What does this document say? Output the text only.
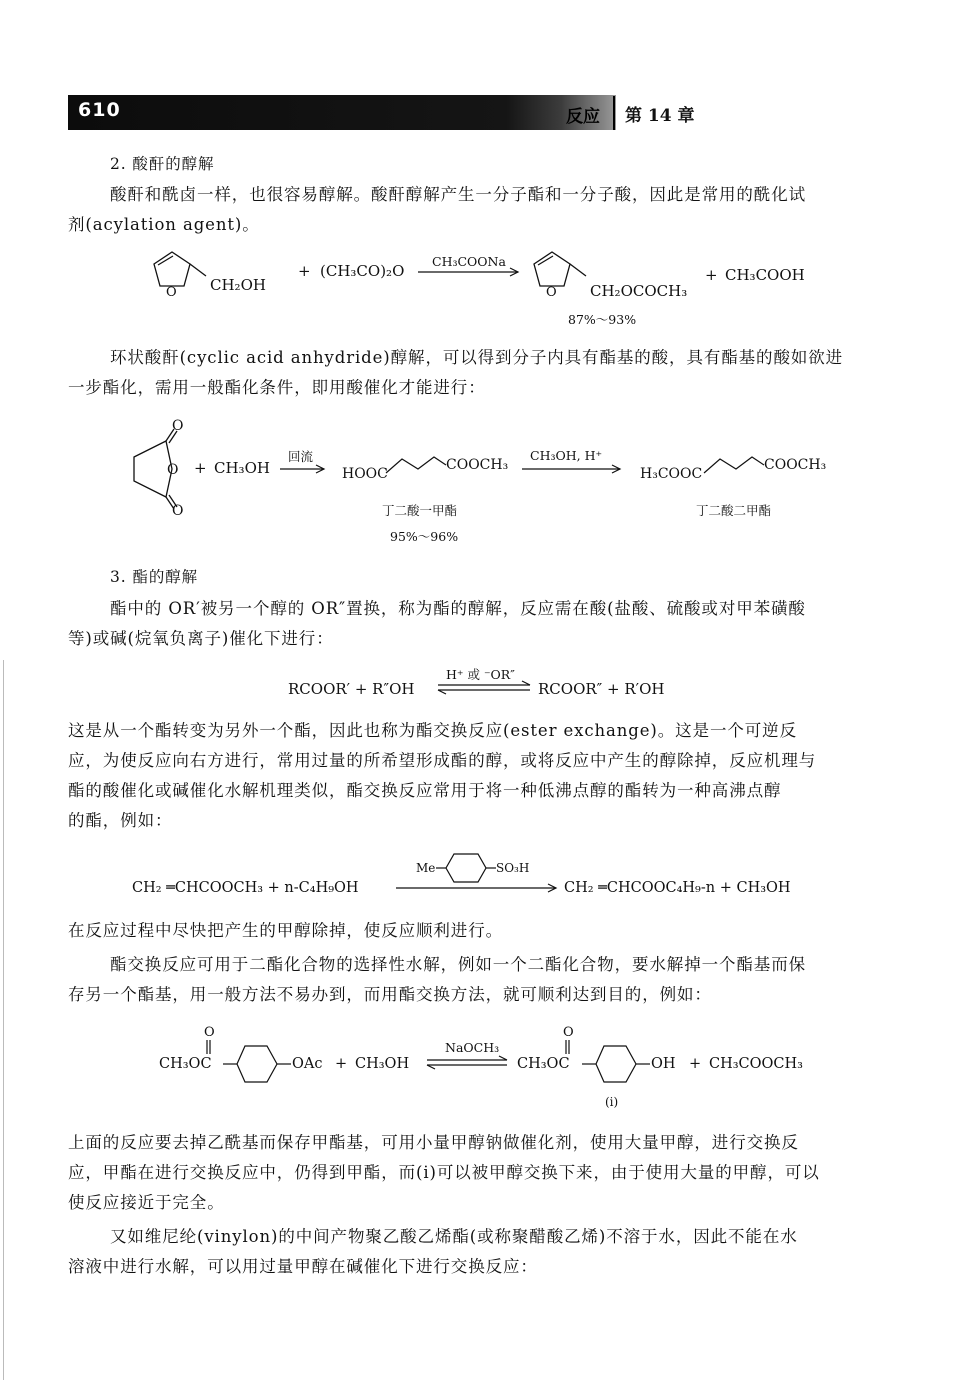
610	反应 第 14 章
2. 酸酐的醇解
酸酐和酰卤一样，也很容易醇解。酸酐醇解产生一分子酯和一分子酸，因此是常用的酰化试
剂(acylation agent)。
O CH₂OH
+ (CH₃CO)₂O
CH₃COONa
O CH₂OCOCH₃
+ CH₃COOH
87%～93%
环状酸酐(cyclic acid anhydride)醇解，可以得到分子内具有酯基的酸，具有酯基的酸如欲进
一步酯化，需用一般酯化条件，即用酸催化才能进行：
O
O
O
+ CH₃OH
回流
HOOC
COOCH₃
CH₃OH, H⁺
H₃COOC
COOCH₃
丁二酸一甲酯
95%～96%
丁二酸二甲酯
3. 酯的醇解
酯中的 OR′被另一个醇的 OR″置换，称为酯的醇解，反应需在酸(盐酸、硫酸或对甲苯磺酸
等)或碱(烷氧负离子)催化下进行：
RCOOR′ + R″OH
H⁺ 或 ⁻OR″
RCOOR″ + R′OH
这是从一个酯转变为另外一个酯，因此也称为酯交换反应(ester exchange)。这是一个可逆反
应，为使反应向右方进行，常用过量的所希望形成酯的醇，或将反应中产生的醇除掉，反应机理与
酯的酸催化或碱催化水解机理类似，酯交换反应常用于将一种低沸点醇的酯转为一种高沸点醇
的酯，例如：
CH₂ ═CHCOOCH₃ + n-C₄H₉OH
Me	SO₃H
CH₂ ═CHCOOC₄H₉-n + CH₃OH
在反应过程中尽快把产生的甲醇除掉，使反应顺利进行。
酯交换反应可用于二酯化合物的选择性水解，例如一个二酯化合物，要水解掉一个酯基而保
存另一个酯基，用一般方法不易办到，而用酯交换方法，就可顺利达到目的，例如：
O
CH₃OC	OAc + CH₃OH
NaOCH₃
O
CH₃OC	OH + CH₃COOCH₃
(i)
上面的反应要去掉乙酰基而保存甲酯基，可用小量甲醇钠做催化剂，使用大量甲醇，进行交换反
应，甲酯在进行交换反应中，仍得到甲酯，而(i)可以被甲醇交换下来，由于使用大量的甲醇，可以
使反应接近于完全。
又如维尼纶(vinylon)的中间产物聚乙酸乙烯酯(或称聚醋酸乙烯)不溶于水，因此不能在水
溶液中进行水解，可以用过量甲醇在碱催化下进行交换反应：
